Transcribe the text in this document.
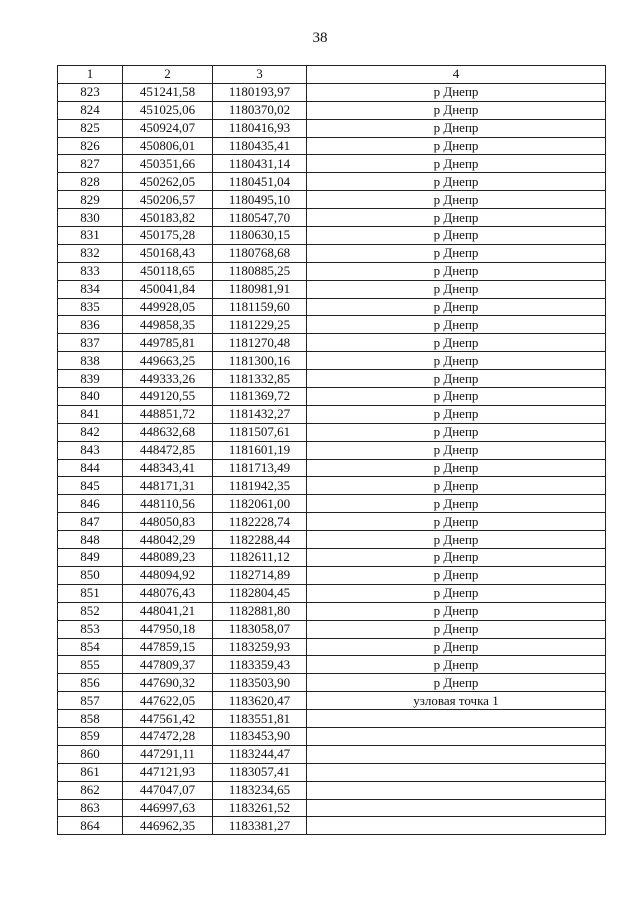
38
1	2	3	4
823	451241,58	1180193,97	р Днепр
824	451025,06	1180370,02	р Днепр
825	450924,07	1180416,93	р Днепр
826	450806,01	1180435,41	р Днепр
827	450351,66	1180431,14	р Днепр
828	450262,05	1180451,04	р Днепр
829	450206,57	1180495,10	р Днепр
830	450183,82	1180547,70	р Днепр
831	450175,28	1180630,15	р Днепр
832	450168,43	1180768,68	р Днепр
833	450118,65	1180885,25	р Днепр
834	450041,84	1180981,91	р Днепр
835	449928,05	1181159,60	р Днепр
836	449858,35	1181229,25	р Днепр
837	449785,81	1181270,48	р Днепр
838	449663,25	1181300,16	р Днепр
839	449333,26	1181332,85	р Днепр
840	449120,55	1181369,72	р Днепр
841	448851,72	1181432,27	р Днепр
842	448632,68	1181507,61	р Днепр
843	448472,85	1181601,19	р Днепр
844	448343,41	1181713,49	р Днепр
845	448171,31	1181942,35	р Днепр
846	448110,56	1182061,00	р Днепр
847	448050,83	1182228,74	р Днепр
848	448042,29	1182288,44	р Днепр
849	448089,23	1182611,12	р Днепр
850	448094,92	1182714,89	р Днепр
851	448076,43	1182804,45	р Днепр
852	448041,21	1182881,80	р Днепр
853	447950,18	1183058,07	р Днепр
854	447859,15	1183259,93	р Днепр
855	447809,37	1183359,43	р Днепр
856	447690,32	1183503,90	р Днепр
857	447622,05	1183620,47	узловая точка 1
858	447561,42	1183551,81	
859	447472,28	1183453,90	
860	447291,11	1183244,47	
861	447121,93	1183057,41	
862	447047,07	1183234,65	
863	446997,63	1183261,52	
864	446962,35	1183381,27	
